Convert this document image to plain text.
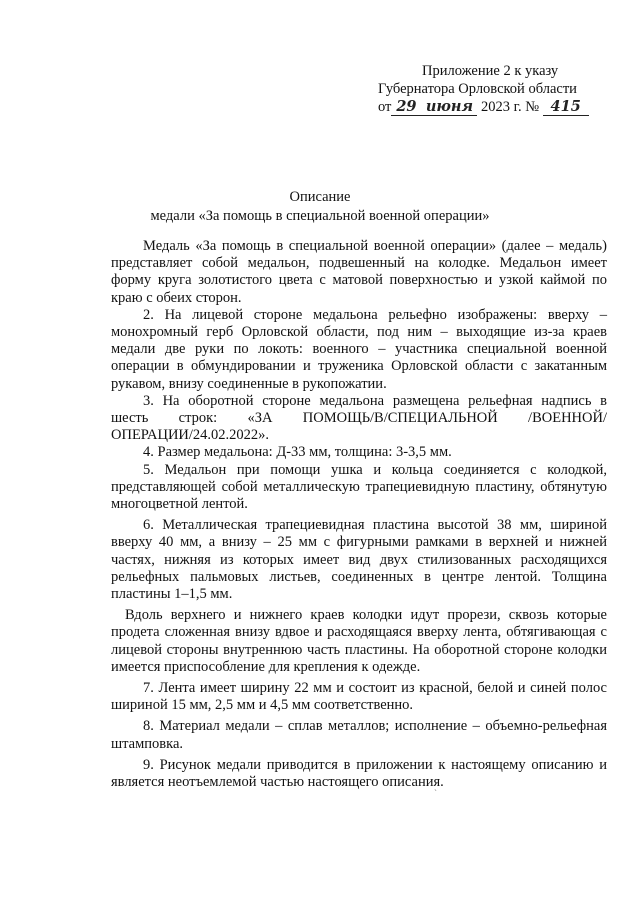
Приложение 2 к указу
Губернатора Орловской области
от 29 июня 2023 г. № 415
Описание
медали «За помощь в специальной военной операции»

Медаль «За помощь в специальной военной операции» (далее – медаль) представляет собой медальон, подвешенный на колодке. Медальон имеет форму круга золотистого цвета с матовой поверхностью и узкой каймой по краю с обеих сторон.

2. На лицевой стороне медальона рельефно изображены: вверху – монохромный герб Орловской области, под ним – выходящие из-за краев медали две руки по локоть: военного – участника специальной военной операции в обмундировании и труженика Орловской области с закатанным рукавом, внизу соединенные в рукопожатии.

3. На оборотной стороне медальона размещена рельефная надпись в шесть строк: «ЗА ПОМОЩЬ/В/СПЕЦИАЛЬНОЙ /ВОЕННОЙ/ОПЕРАЦИИ/24.02.2022».

4. Размер медальона: Д-33 мм, толщина: 3-3,5 мм.

5. Медальон при помощи ушка и кольца соединяется с колодкой, представляющей собой металлическую трапециевидную пластину, обтянутую многоцветной лентой.

6. Металлическая трапециевидная пластина высотой 38 мм, шириной вверху 40 мм, а внизу – 25 мм с фигурными рамками в верхней и нижней частях, нижняя из которых имеет вид двух стилизованных расходящихся рельефных пальмовых листьев, соединенных в центре лентой. Толщина пластины 1–1,5 мм.

Вдоль верхнего и нижнего краев колодки идут прорези, сквозь которые продета сложенная внизу вдвое и расходящаяся вверху лента, обтягивающая с лицевой стороны внутреннюю часть пластины. На оборотной стороне колодки имеется приспособление для крепления к одежде.

7. Лента имеет ширину 22 мм и состоит из красной, белой и синей полос шириной 15 мм, 2,5 мм и 4,5 мм соответственно.

8. Материал медали – сплав металлов; исполнение – объемно-рельефная штамповка.

9. Рисунок медали приводится в приложении к настоящему описанию и является неотъемлемой частью настоящего описания.

ˋ
